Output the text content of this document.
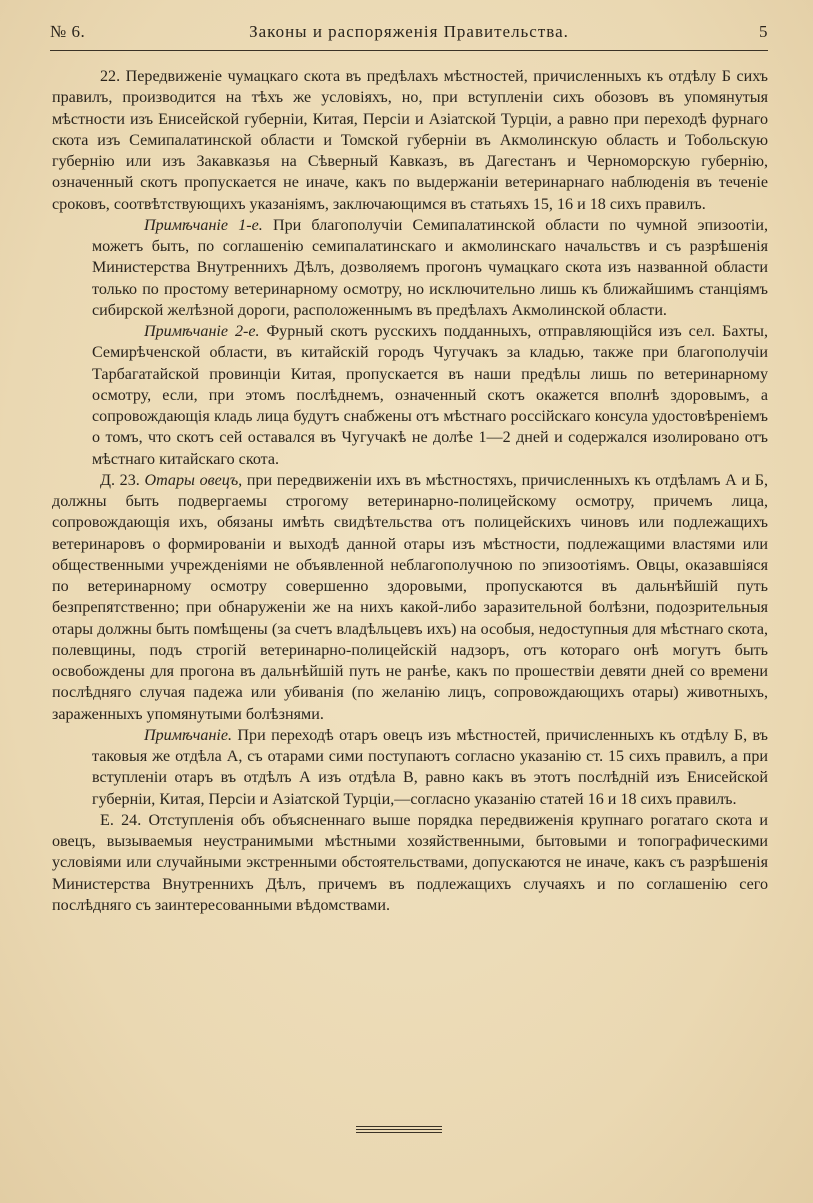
№ 6.	Законы и распоряженія Правительства.	5

22. Передвиженіе чумацкаго скота въ предѣлахъ мѣстностей, причисленныхъ къ отдѣлу Б сихъ правилъ, производится на тѣхъ же условіяхъ, но, при вступленіи сихъ обозовъ въ упомянутыя мѣстности изъ Енисейской губерніи, Китая, Персіи и Азіатской Турціи, а равно при переходѣ фурнаго скота изъ Семипалатинской области и Томской губерніи въ Акмолинскую область и Тобольскую губернію или изъ Закавказья на Сѣверный Кавказъ, въ Дагестанъ и Черноморскую губернію, означенный скотъ пропускается не иначе, какъ по выдержаніи ветеринарнаго наблюденія въ теченіе сроковъ, соотвѣтствующихъ указаніямъ, заключающимся въ статьяхъ 15, 16 и 18 сихъ правилъ.

Примѣчаніе 1-е. При благополучіи Семипалатинской области по чумной эпизоотіи, можетъ быть, по соглашенію семипалатинскаго и акмолинскаго начальствъ и съ разрѣшенія Министерства Внутреннихъ Дѣлъ, дозволяемъ прогонъ чумацкаго скота изъ названной области только по простому ветеринарному осмотру, но исключительно лишь къ ближайшимъ станціямъ сибирской желѣзной дороги, расположеннымъ въ предѣлахъ Акмолинской области.

Примѣчаніе 2-е. Фурный скотъ русскихъ подданныхъ, отправляющійся изъ сел. Бахты, Семирѣченской области, въ китайскій городъ Чугучакъ за кладью, также при благополучіи Тарбагатайской провинціи Китая, пропускается въ наши предѣлы лишь по ветеринарному осмотру, если, при этомъ послѣднемъ, означенный скотъ окажется вполнѣ здоровымъ, а сопровождающія кладь лица будутъ снабжены отъ мѣстнаго россійскаго консула удостовѣреніемъ о томъ, что скотъ сей оставался въ Чугучакѣ не долѣе 1—2 дней и содержался изолировано отъ мѣстнаго китайскаго скота.

Д. 23. Отары овецъ, при передвиженіи ихъ въ мѣстностяхъ, причисленныхъ къ отдѣламъ А и Б, должны быть подвергаемы строгому ветеринарно-полицейскому осмотру, причемъ лица, сопровождающія ихъ, обязаны имѣть свидѣтельства отъ полицейскихъ чиновъ или подлежащихъ ветеринаровъ о формированіи и выходѣ данной отары изъ мѣстности, подлежащими властями или общественными учрежденіями не объявленной неблагополучною по эпизоотіямъ. Овцы, оказавшіяся по ветеринарному осмотру совершенно здоровыми, пропускаются въ дальнѣйшій путь безпрепятственно; при обнаруженіи же на нихъ какой-либо заразительной болѣзни, подозрительныя отары должны быть помѣщены (за счетъ владѣльцевъ ихъ) на особыя, недоступныя для мѣстнаго скота, полевщины, подъ строгій ветеринарно-полицейскій надзоръ, отъ котораго онѣ могутъ быть освобождены для прогона въ дальнѣйшій путь не ранѣе, какъ по прошествіи девяти дней со времени послѣдняго случая падежа или убиванія (по желанію лицъ, сопровождающихъ отары) животныхъ, зараженныхъ упомянутыми болѣзнями.

Примѣчаніе. При переходѣ отаръ овецъ изъ мѣстностей, причисленныхъ къ отдѣлу Б, въ таковыя же отдѣла А, съ отарами сими поступаютъ согласно указанію ст. 15 сихъ правилъ, а при вступленіи отаръ въ отдѣлъ А изъ отдѣла В, равно какъ въ этотъ послѣдній изъ Енисейской губерніи, Китая, Персіи и Азіатской Турціи,—согласно указанію статей 16 и 18 сихъ правилъ.

Е. 24. Отступленія объ объясненнаго выше порядка передвиженія крупнаго рогатаго скота и овецъ, вызываемыя неустранимыми мѣстными хозяйственными, бытовыми и топографическими условіями или случайными экстренными обстоятельствами, допускаются не иначе, какъ съ разрѣшенія Министерства Внутреннихъ Дѣлъ, причемъ въ подлежащихъ случаяхъ и по соглашенію сего послѣдняго съ заинтересованными вѣдомствами.
